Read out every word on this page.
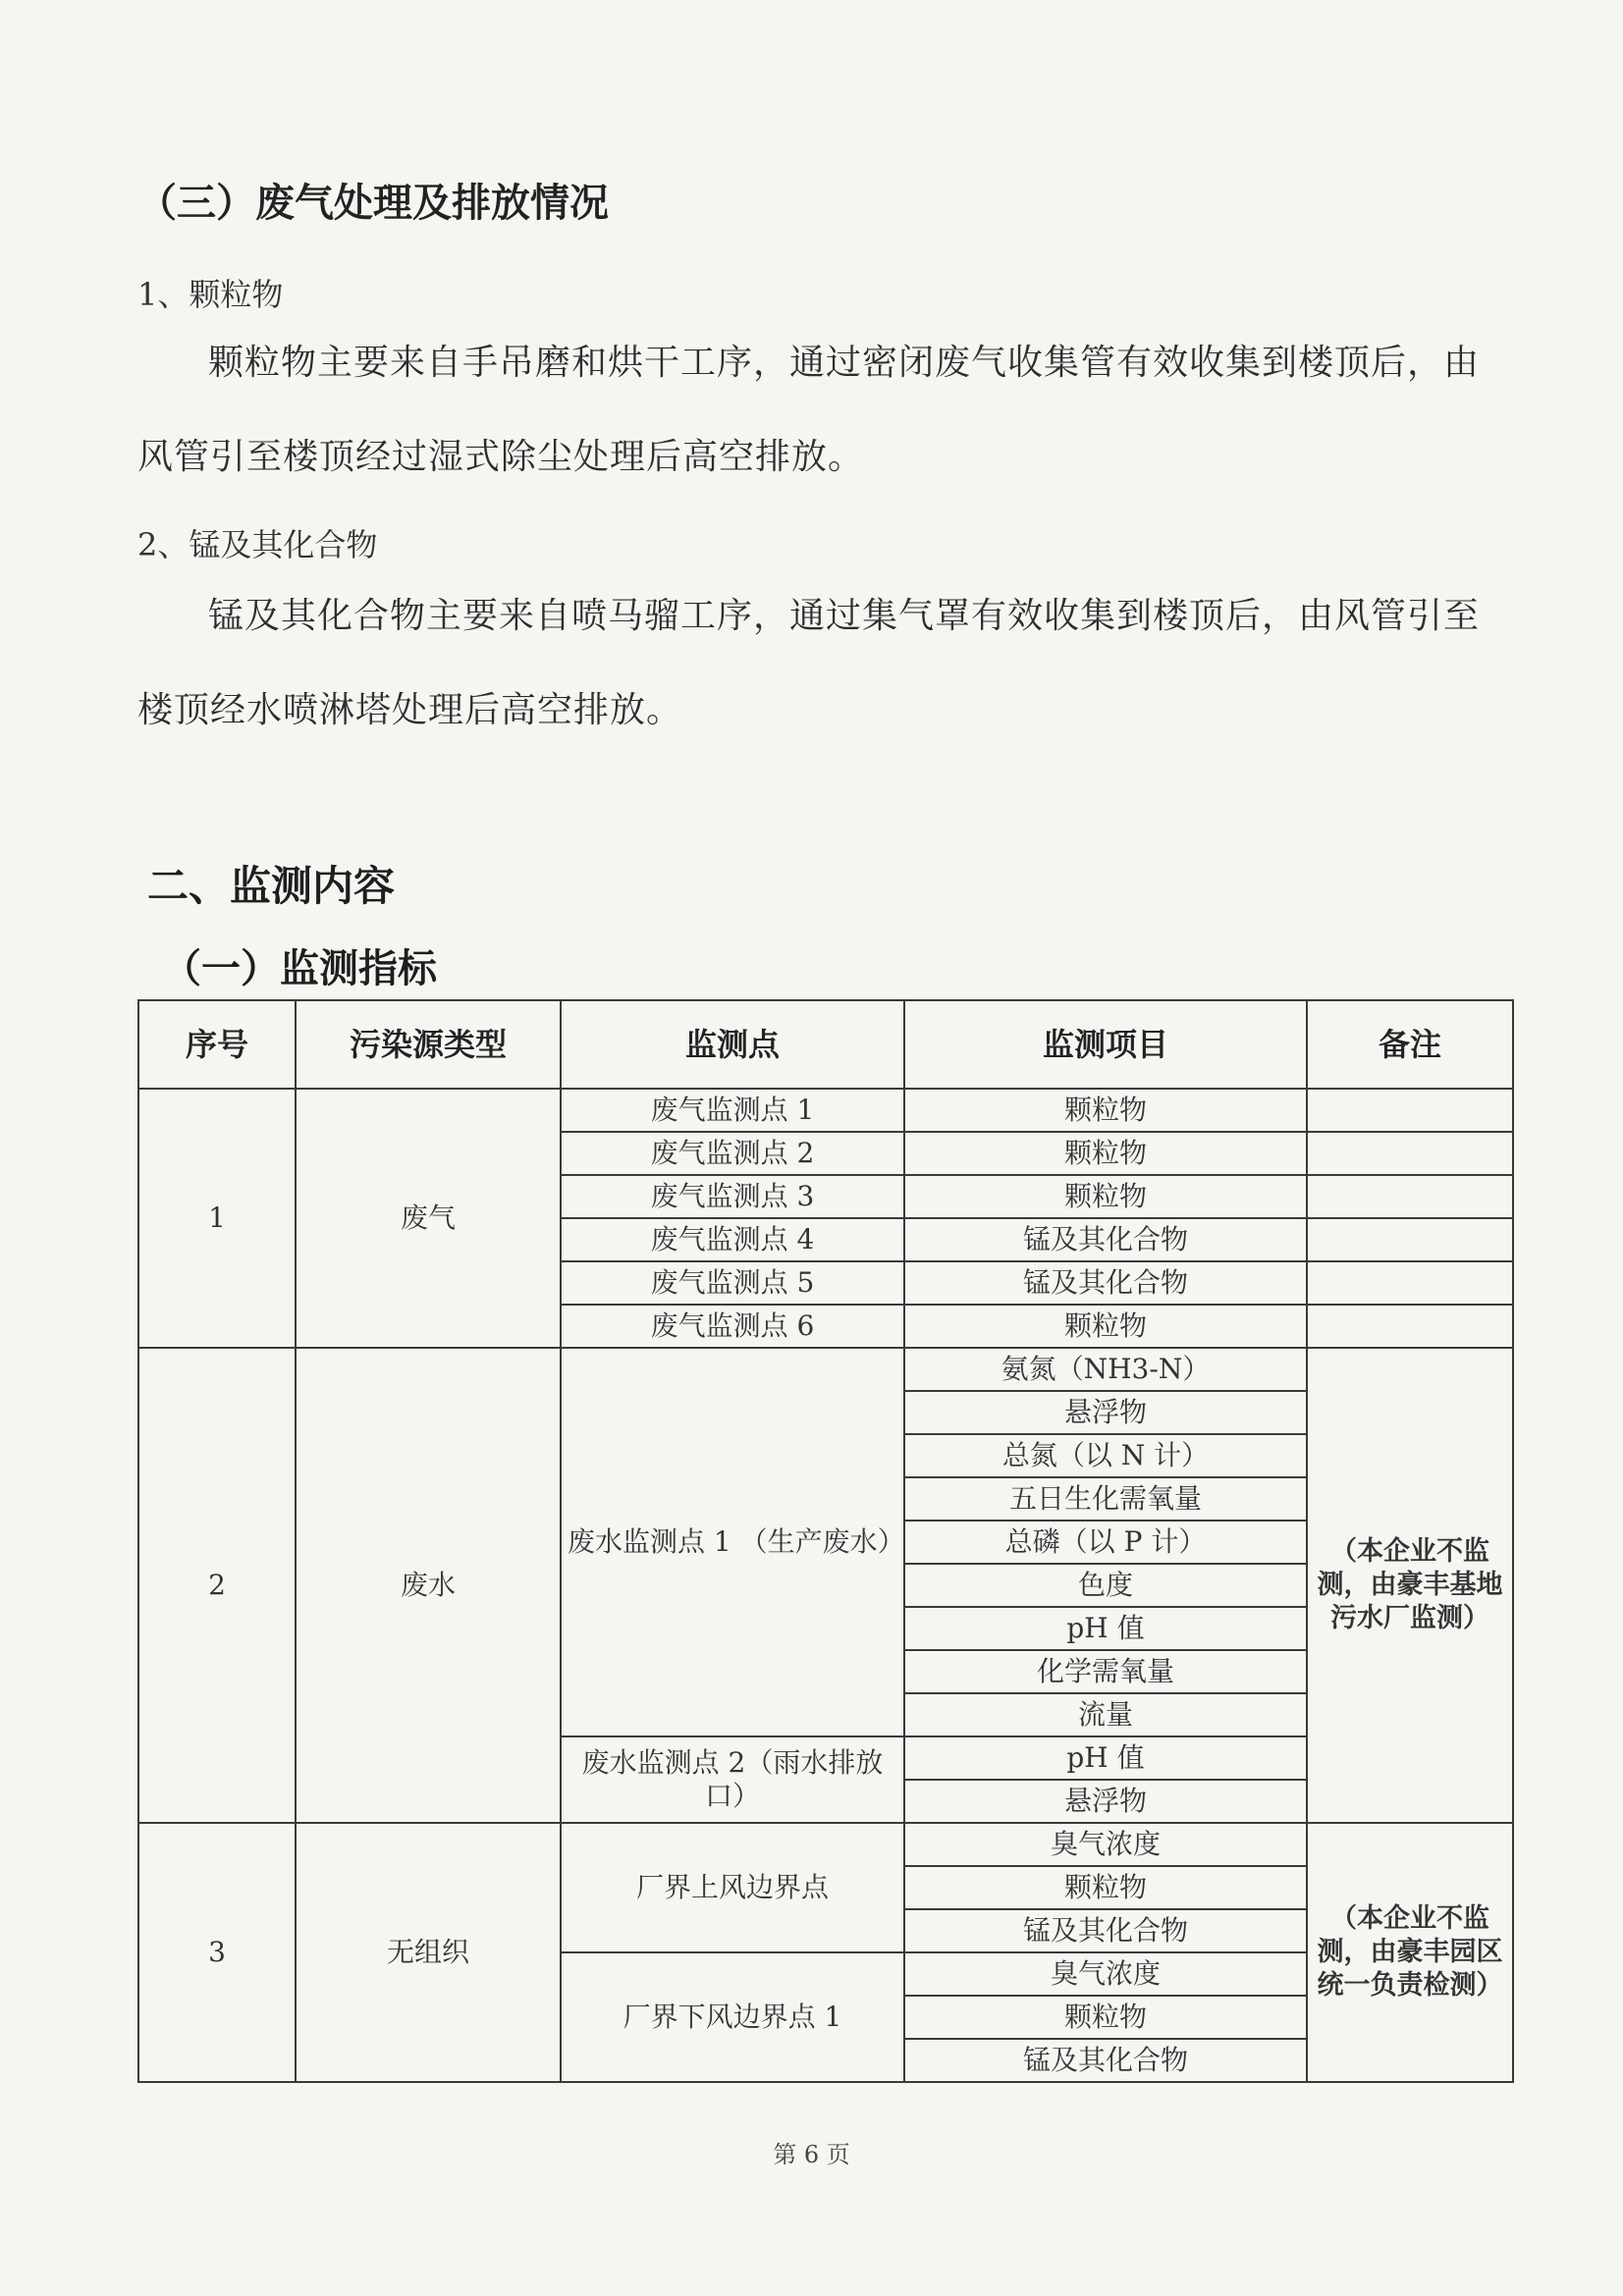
（三）废气处理及排放情况
1、颗粒物
颗粒物主要来自手吊磨和烘干工序，通过密闭废气收集管有效收集到楼顶后，由风管引至楼顶经过湿式除尘处理后高空排放。
2、锰及其化合物
锰及其化合物主要来自喷马骝工序，通过集气罩有效收集到楼顶后，由风管引至楼顶经水喷淋塔处理后高空排放。
二、监测内容
（一）监测指标
序号	污染源类型	监测点	监测项目	备注
1	废气	废气监测点 1	颗粒物	
		废气监测点 2	颗粒物	
		废气监测点 3	颗粒物	
		废气监测点 4	锰及其化合物	
		废气监测点 5	锰及其化合物	
		废气监测点 6	颗粒物	
2	废水	废水监测点 1 （生产废水）	氨氮（NH3-N）	（本企业不监测，由豪丰基地污水厂监测）
			悬浮物	
			总氮（以 N 计）	
			五日生化需氧量	
			总磷（以 P 计）	
			色度	
			pH 值	
			化学需氧量	
			流量	
		废水监测点 2（雨水排放口）	pH 值	
			悬浮物	
3	无组织	厂界上风边界点	臭气浓度	（本企业不监测，由豪丰园区统一负责检测）
			颗粒物	
			锰及其化合物	
		厂界下风边界点 1	臭气浓度	
			颗粒物	
			锰及其化合物	
第 6 页
